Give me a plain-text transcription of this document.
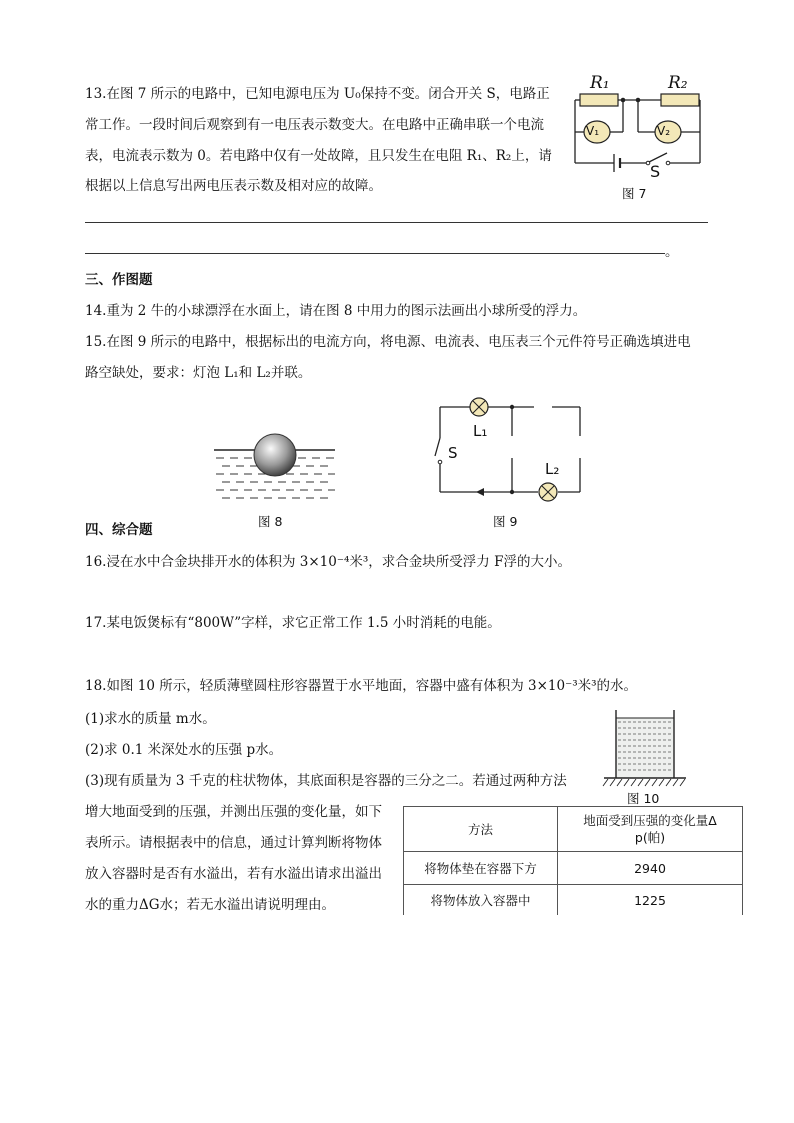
13.在图 7 所示的电路中，已知电源电压为 U₀保持不变。闭合开关 S，电路正
常工作。一段时间后观察到有一电压表示数变大。在电路中正确串联一个电流
表，电流表示数为 0。若电路中仅有一处故障，且只发生在电阻 R₁、R₂上，请
根据以上信息写出两电压表示数及相对应的故障。
R₁	R₂
V₁	V₂
S
图 7
。
三、作图题
14.重为 2 牛的小球漂浮在水面上，请在图 8 中用力的图示法画出小球所受的浮力。
15.在图 9 所示的电路中，根据标出的电流方向，将电源、电流表、电压表三个元件符号正确选填进电
路空缺处，要求：灯泡 L₁和 L₂并联。
图 8
L₁
L₂
S
图 9
四、综合题
16.浸在水中合金块排开水的体积为 3×10⁻⁴米³，求合金块所受浮力 F浮的大小。
17.某电饭煲标有“800W”字样，求它正常工作 1.5 小时消耗的电能。
18.如图 10 所示，轻质薄壁圆柱形容器置于水平地面，容器中盛有体积为 3×10⁻³米³的水。
(1)求水的质量 m水。
(2)求 0.1 米深处水的压强 p水。
(3)现有质量为 3 千克的柱状物体，其底面积是容器的三分之二。若通过两种方法
增大地面受到的压强，并测出压强的变化量，如下
表所示。请根据表中的信息，通过计算判断将物体
放入容器时是否有水溢出，若有水溢出请求出溢出
水的重力ΔG水；若无水溢出请说明理由。
图 10
方法	地面受到压强的变化量Δ
p(帕)

将物体垫在容器下方	2940
将物体放入容器中	1225
